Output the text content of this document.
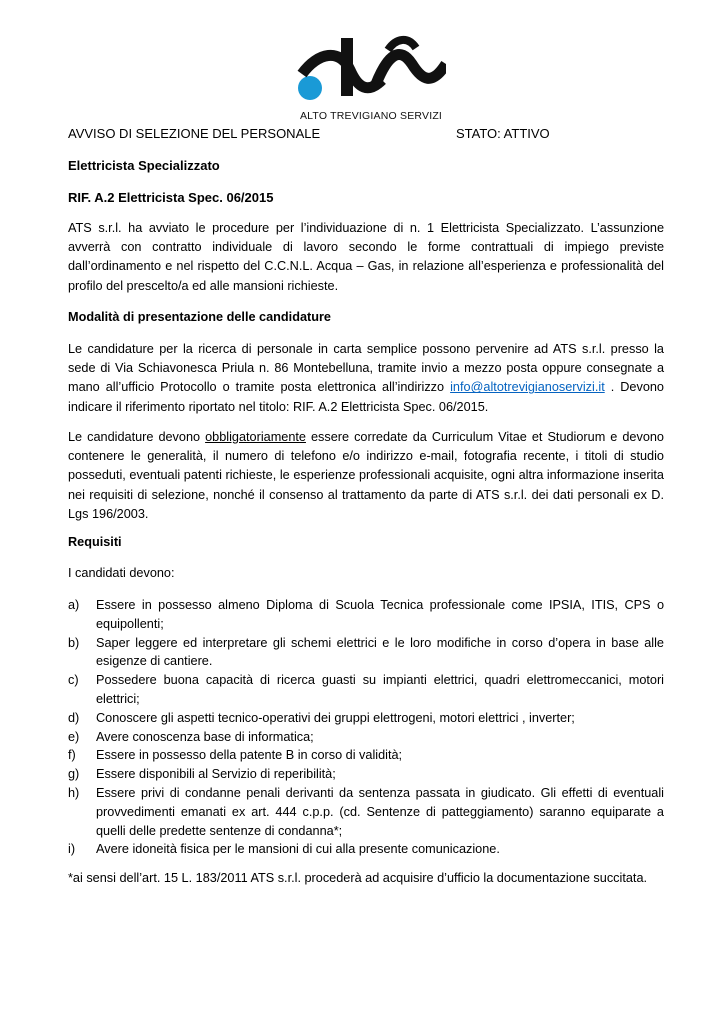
ALTO TREVIGIANO SERVIZI
AVVISO DI SELEZIONE DEL PERSONALE	STATO: ATTIVO
Elettricista Specializzato
RIF. A.2 Elettricista Spec. 06/2015
ATS s.r.l. ha avviato le procedure per l’individuazione di n. 1 Elettricista Specializzato. L’assunzione avverrà con contratto individuale di lavoro secondo le forme contrattuali di impiego previste dall’ordinamento e nel rispetto del C.C.N.L. Acqua – Gas, in relazione all’esperienza e professionalità del profilo del prescelto/a ed alle mansioni richieste.
Modalità di presentazione delle candidature
Le candidature per la ricerca di personale in carta semplice possono pervenire ad ATS s.r.l. presso la sede di Via Schiavonesca Priula n. 86 Montebelluna, tramite invio a mezzo posta oppure consegnate a mano all’ufficio Protocollo o tramite posta elettronica all’indirizzo info@altotrevigianoservizi.it . Devono indicare il riferimento riportato nel titolo: RIF. A.2 Elettricista Spec. 06/2015.
Le candidature devono obbligatoriamente essere corredate da Curriculum Vitae et Studiorum e devono contenere le generalità, il numero di telefono e/o indirizzo e-mail, fotografia recente, i titoli di studio posseduti, eventuali patenti richieste, le esperienze professionali acquisite, ogni altra informazione inserita nei requisiti di selezione, nonché il consenso al trattamento da parte di ATS s.r.l. dei dati personali ex D. Lgs 196/2003.
Requisiti
I candidati devono:
a)	Essere in possesso almeno Diploma di Scuola Tecnica professionale come IPSIA, ITIS, CPS o equipollenti;
b)	Saper leggere ed interpretare gli schemi elettrici e le loro modifiche in corso d’opera in base alle esigenze di cantiere.
c)	Possedere buona capacità di ricerca guasti su impianti elettrici, quadri elettromeccanici, motori elettrici;
d)	Conoscere gli aspetti tecnico-operativi dei gruppi elettrogeni, motori elettrici , inverter;
e)	Avere conoscenza base di informatica;
f)	Essere in possesso della patente B in corso di validità;
g)	Essere disponibili al Servizio di reperibilità;
h)	Essere privi di condanne penali derivanti da sentenza passata in giudicato. Gli effetti di eventuali provvedimenti emanati ex art. 444 c.p.p. (cd. Sentenze di patteggiamento) saranno equiparate a quelli delle predette sentenze di condanna*;
i)	Avere idoneità fisica per le mansioni di cui alla presente comunicazione.
*ai sensi dell’art. 15 L. 183/2011 ATS s.r.l. procederà ad acquisire d’ufficio la documentazione succitata.
